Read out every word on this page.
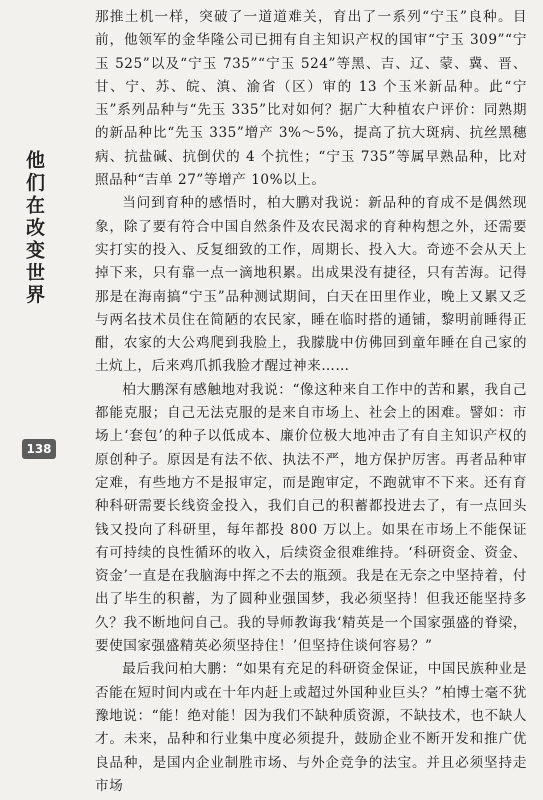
他们在改变世界
138

那推土机一样，突破了一道道难关，育出了一系列“宁玉”良种。目前，他领军的金华隆公司已拥有自主知识产权的国审“宁玉 309”“宁玉 525”以及“宁玉 735”“宁玉 524”等黑、吉、辽、蒙、冀、晋、甘、宁、苏、皖、滇、渝省（区）审的 13 个玉米新品种。此“宁玉”系列品种与“先玉 335”比对如何？据广大种植农户评价：同熟期的新品种比“先玉 335”增产 3%～5%，提高了抗大斑病、抗丝黑穗病、抗盐碱、抗倒伏的 4 个抗性；“宁玉 735”等属早熟品种，比对照品种“吉单 27”等增产 10%以上。

当问到育种的感悟时，柏大鹏对我说：新品种的育成不是偶然现象，除了要有符合中国自然条件及农民渴求的育种构想之外，还需要实打实的投入、反复细致的工作，周期长、投入大。奇迹不会从天上掉下来，只有靠一点一滴地积累。出成果没有捷径，只有苦海。记得那是在海南搞“宁玉”品种测试期间，白天在田里作业，晚上又累又乏与两名技术员住在简陋的农民家，睡在临时搭的通铺，黎明前睡得正酣，农家的大公鸡爬到我脸上，我朦胧中仿佛回到童年睡在自己家的土炕上，后来鸡爪抓我脸才醒过神来……

柏大鹏深有感触地对我说：“像这种来自工作中的苦和累，我自己都能克服；自己无法克服的是来自市场上、社会上的困难。譬如：市场上‘套包’的种子以低成本、廉价位极大地冲击了有自主知识产权的原创种子。原因是有法不依、执法不严，地方保护厉害。再者品种审定难，有些地方不是报审定，而是跑审定，不跑就审不下来。还有育种科研需要长线资金投入，我们自己的积蓄都投进去了，有一点回头钱又投向了科研里，每年都投 800 万以上。如果在市场上不能保证有可持续的良性循环的收入，后续资金很难维持。‘科研资金、资金、资金’一直是在我脑海中挥之不去的瓶颈。我是在无奈之中坚持着，付出了毕生的积蓄，为了圆种业强国梦，我必须坚持！但我还能坚持多久？我不断地问自己。我的导师教诲我‘精英是一个国家强盛的脊梁，要使国家强盛精英必须坚持住！’但坚持住谈何容易？”

最后我问柏大鹏：“如果有充足的科研资金保证，中国民族种业是否能在短时间内或在十年内赶上或超过外国种业巨头？”柏博士毫不犹豫地说：“能！绝对能！因为我们不缺种质资源，不缺技术，也不缺人才。未来，品种和行业集中度必须提升，鼓励企业不断开发和推广优良品种，是国内企业制胜市场、与外企竞争的法宝。并且必须坚持走市场
